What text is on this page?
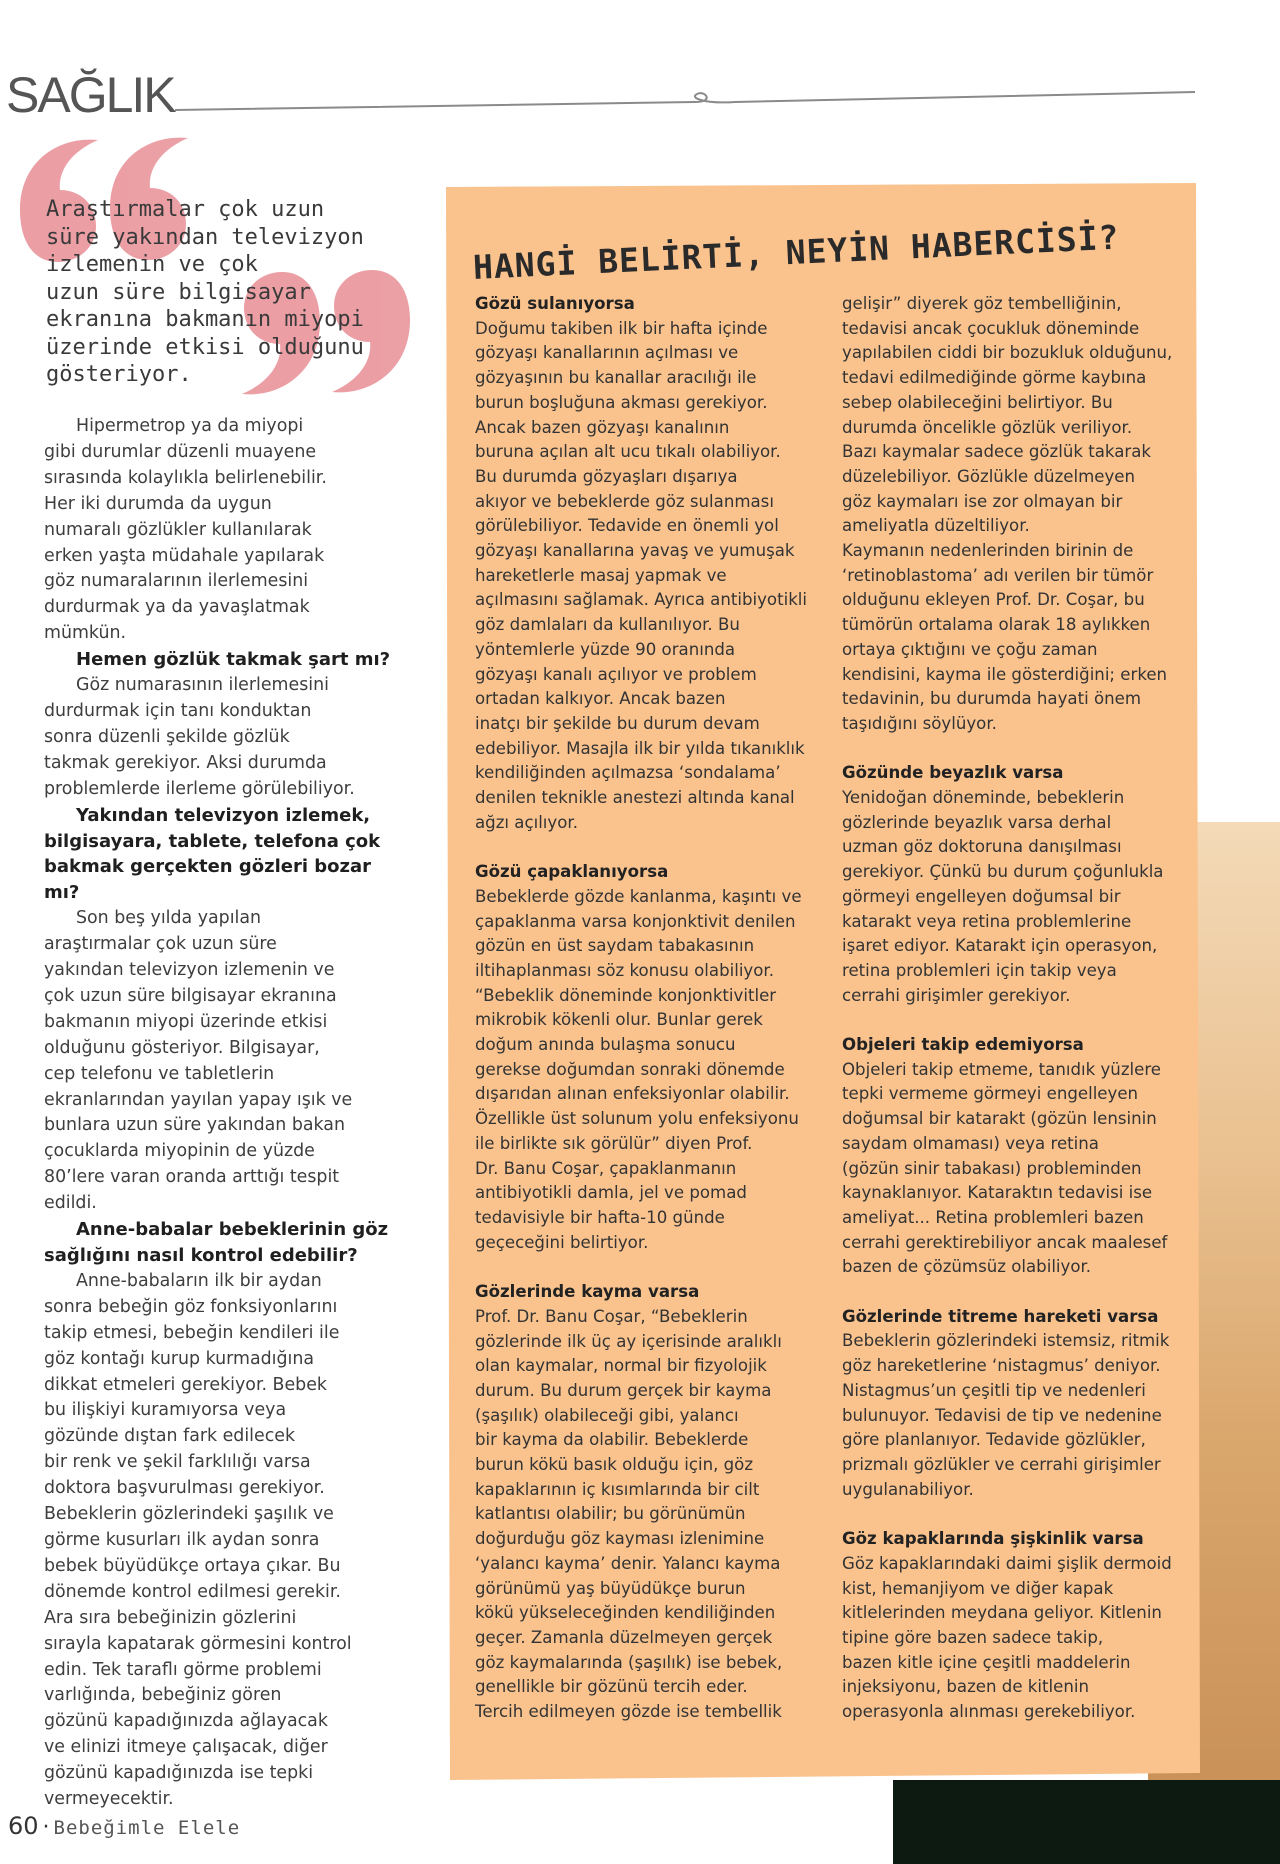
SAĞLIK
Araştırmalar çok uzun
süre yakından televizyon
izlemenin ve çok
uzun süre bilgisayar
ekranına bakmanın miyopi
üzerinde etkisi olduğunu
gösteriyor.

Hipermetrop ya da miyopi
gibi durumlar düzenli muayene
sırasında kolaylıkla belirlenebilir.
Her iki durumda da uygun
numaralı gözlükler kullanılarak
erken yaşta müdahale yapılarak
göz numaralarının ilerlemesini
durdurmak ya da yavaşlatmak
mümkün.

Hemen gözlük takmak şart mı?

Göz numarasının ilerlemesini
durdurmak için tanı konduktan
sonra düzenli şekilde gözlük
takmak gerekiyor. Aksi durumda
problemlerde ilerleme görülebiliyor.

Yakından televizyon izlemek,
bilgisayara, tablete, telefona çok
bakmak gerçekten gözleri bozar mı?

Son beş yılda yapılan
araştırmalar çok uzun süre
yakından televizyon izlemenin ve
çok uzun süre bilgisayar ekranına
bakmanın miyopi üzerinde etkisi
olduğunu gösteriyor. Bilgisayar,
cep telefonu ve tabletlerin
ekranlarından yayılan yapay ışık ve
bunlara uzun süre yakından bakan
çocuklarda miyopinin de yüzde
80’lere varan oranda arttığı tespit
edildi.

Anne-babalar bebeklerinin göz
sağlığını nasıl kontrol edebilir?

Anne-babaların ilk bir aydan
sonra bebeğin göz fonksiyonlarını
takip etmesi, bebeğin kendileri ile
göz kontağı kurup kurmadığına
dikkat etmeleri gerekiyor. Bebek
bu ilişkiyi kuramıyorsa veya
gözünde dıştan fark edilecek
bir renk ve şekil farklılığı varsa
doktora başvurulması gerekiyor.
Bebeklerin gözlerindeki şaşılık ve
görme kusurları ilk aydan sonra
bebek büyüdükçe ortaya çıkar. Bu
dönemde kontrol edilmesi gerekir.
Ara sıra bebeğinizin gözlerini
sırayla kapatarak görmesini kontrol
edin. Tek taraflı görme problemi
varlığında, bebeğiniz gören
gözünü kapadığınızda ağlayacak
ve elinizi itmeye çalışacak, diğer
gözünü kapadığınızda ise tepki
vermeyecektir.

HANGİ BELİRTİ, NEYİN HABERCİSİ?
Gözü sulanıyorsa

Doğumu takiben ilk bir hafta içinde
gözyaşı kanallarının açılması ve
gözyaşının bu kanallar aracılığı ile
burun boşluğuna akması gerekiyor.
Ancak bazen gözyaşı kanalının
buruna açılan alt ucu tıkalı olabiliyor.
Bu durumda gözyaşları dışarıya
akıyor ve bebeklerde göz sulanması
görülebiliyor. Tedavide en önemli yol
gözyaşı kanallarına yavaş ve yumuşak
hareketlerle masaj yapmak ve
açılmasını sağlamak. Ayrıca antibiyotikli
göz damlaları da kullanılıyor. Bu
yöntemlerle yüzde 90 oranında
gözyaşı kanalı açılıyor ve problem
ortadan kalkıyor. Ancak bazen
inatçı bir şekilde bu durum devam
edebiliyor. Masajla ilk bir yılda tıkanıklık
kendiliğinden açılmazsa ‘sondalama’
denilen teknikle anestezi altında kanal
ağzı açılıyor.

Gözü çapaklanıyorsa

Bebeklerde gözde kanlanma, kaşıntı ve
çapaklanma varsa konjonktivit denilen
gözün en üst saydam tabakasının
iltihaplanması söz konusu olabiliyor.
“Bebeklik döneminde konjonktivitler
mikrobik kökenli olur. Bunlar gerek
doğum anında bulaşma sonucu
gerekse doğumdan sonraki dönemde
dışarıdan alınan enfeksiyonlar olabilir.
Özellikle üst solunum yolu enfeksiyonu
ile birlikte sık görülür” diyen Prof.
Dr. Banu Coşar, çapaklanmanın
antibiyotikli damla, jel ve pomad
tedavisiyle bir hafta-10 günde
geçeceğini belirtiyor.

Gözlerinde kayma varsa

Prof. Dr. Banu Coşar, “Bebeklerin
gözlerinde ilk üç ay içerisinde aralıklı
olan kaymalar, normal bir fizyolojik
durum. Bu durum gerçek bir kayma
(şaşılık) olabileceği gibi, yalancı
bir kayma da olabilir. Bebeklerde
burun kökü basık olduğu için, göz
kapaklarının iç kısımlarında bir cilt
katlantısı olabilir; bu görünümün
doğurduğu göz kayması izlenimine
‘yalancı kayma’ denir. Yalancı kayma
görünümü yaş büyüdükçe burun
kökü yükseleceğinden kendiliğinden
geçer. Zamanla düzelmeyen gerçek
göz kaymalarında (şaşılık) ise bebek,
genellikle bir gözünü tercih eder.
Tercih edilmeyen gözde ise tembellik

gelişir” diyerek göz tembelliğinin,
tedavisi ancak çocukluk döneminde
yapılabilen ciddi bir bozukluk olduğunu,
tedavi edilmediğinde görme kaybına
sebep olabileceğini belirtiyor. Bu
durumda öncelikle gözlük veriliyor.
Bazı kaymalar sadece gözlük takarak
düzelebiliyor. Gözlükle düzelmeyen
göz kaymaları ise zor olmayan bir
ameliyatla düzeltiliyor.
Kaymanın nedenlerinden birinin de
‘retinoblastoma’ adı verilen bir tümör
olduğunu ekleyen Prof. Dr. Coşar, bu
tümörün ortalama olarak 18 aylıkken
ortaya çıktığını ve çoğu zaman
kendisini, kayma ile gösterdiğini; erken
tedavinin, bu durumda hayati önem
taşıdığını söylüyor.

Gözünde beyazlık varsa

Yenidoğan döneminde, bebeklerin
gözlerinde beyazlık varsa derhal
uzman göz doktoruna danışılması
gerekiyor. Çünkü bu durum çoğunlukla
görmeyi engelleyen doğumsal bir
katarakt veya retina problemlerine
işaret ediyor. Katarakt için operasyon,
retina problemleri için takip veya
cerrahi girişimler gerekiyor.

Objeleri takip edemiyorsa

Objeleri takip etmeme, tanıdık yüzlere
tepki vermeme görmeyi engelleyen
doğumsal bir katarakt (gözün lensinin
saydam olmaması) veya retina
(gözün sinir tabakası) probleminden
kaynaklanıyor. Kataraktın tedavisi ise
ameliyat... Retina problemleri bazen
cerrahi gerektirebiliyor ancak maalesef
bazen de çözümsüz olabiliyor.

Gözlerinde titreme hareketi varsa

Bebeklerin gözlerindeki istemsiz, ritmik
göz hareketlerine ‘nistagmus’ deniyor.
Nistagmus’un çeşitli tip ve nedenleri
bulunuyor. Tedavisi de tip ve nedenine
göre planlanıyor. Tedavide gözlükler,
prizmalı gözlükler ve cerrahi girişimler
uygulanabiliyor.

Göz kapaklarında şişkinlik varsa

Göz kapaklarındaki daimi şişlik dermoid
kist, hemanjiyom ve diğer kapak
kitlelerinden meydana geliyor. Kitlenin
tipine göre bazen sadece takip,
bazen kitle içine çeşitli maddelerin
injeksiyonu, bazen de kitlenin
operasyonla alınması gerekebiliyor.

60 · Bebeğimle Elele
